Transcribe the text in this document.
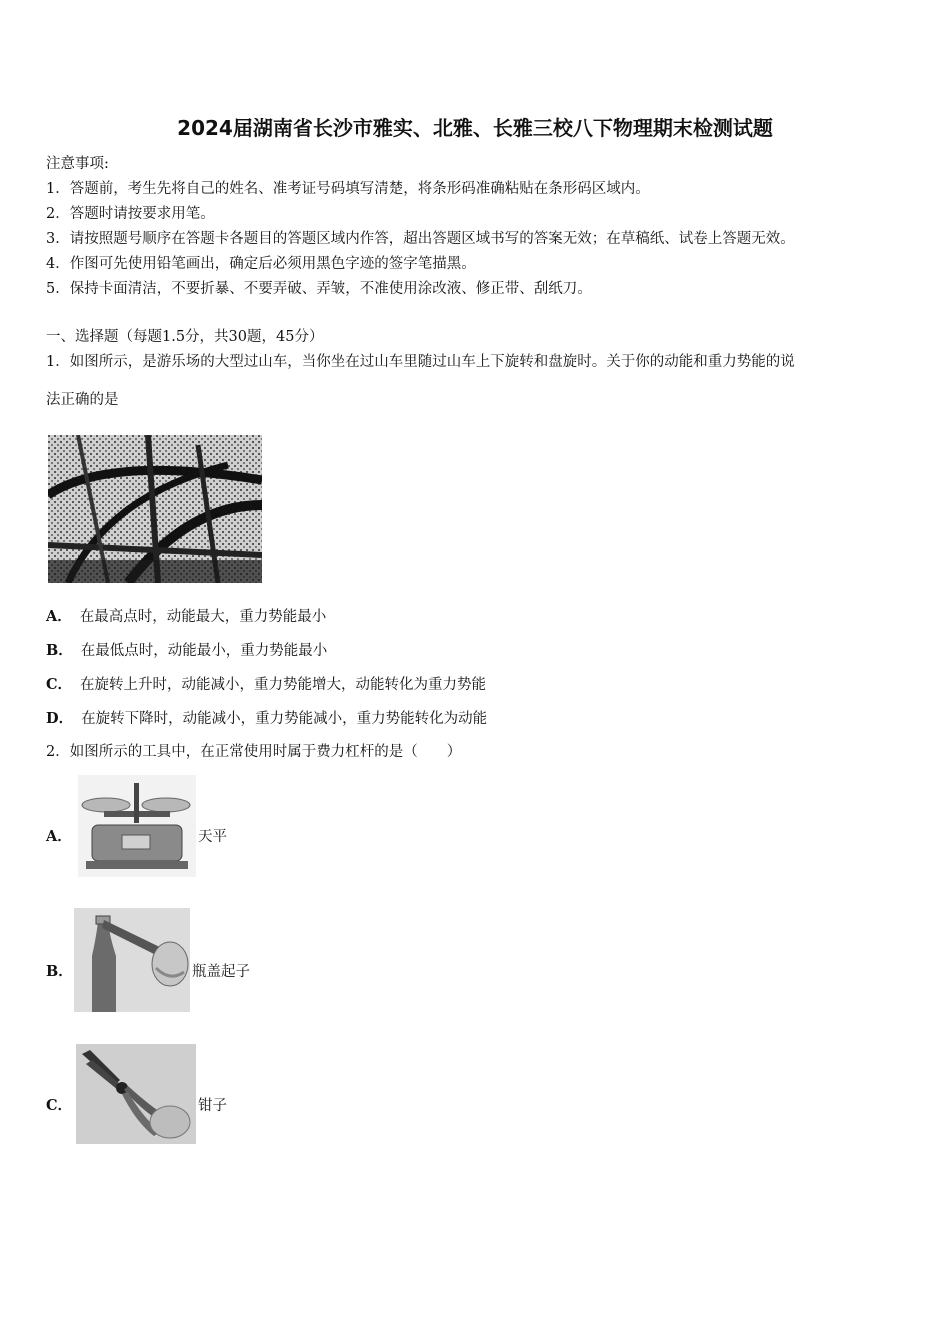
2024届湖南省长沙市雅实、北雅、长雅三校八下物理期末检测试题
注意事项:
1．答题前，考生先将自己的姓名、准考证号码填写清楚，将条形码准确粘贴在条形码区域内。
2．答题时请按要求用笔。
3．请按照题号顺序在答题卡各题目的答题区域内作答，超出答题区域书写的答案无效；在草稿纸、试卷上答题无效。
4．作图可先使用铅笔画出，确定后必须用黑色字迹的签字笔描黑。
5．保持卡面清洁，不要折暴、不要弄破、弄皱，不准使用涂改液、修正带、刮纸刀。
一、选择题（每题1.5分，共30题，45分）
1．如图所示，是游乐场的大型过山车，当你坐在过山车里随过山车上下旋转和盘旋时。关于你的动能和重力势能的说
法正确的是
A． 在最高点时，动能最大，重力势能最小
B． 在最低点时，动能最小，重力势能最小
C． 在旋转上升时，动能减小，重力势能增大，动能转化为重力势能
D． 在旋转下降时，动能减小，重力势能减小，重力势能转化为动能
2．如图所示的工具中，在正常使用时属于费力杠杆的是（　　）
A．	天平
B．	瓶盖起子
C．	钳子
